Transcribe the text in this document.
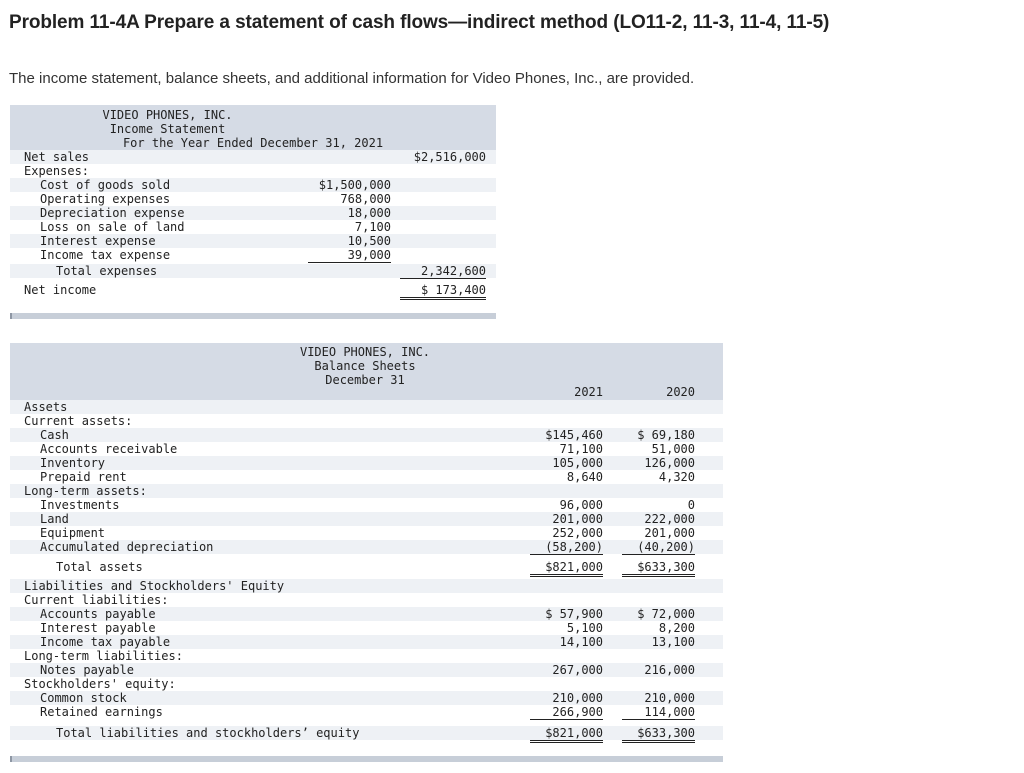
Problem 11-4A Prepare a statement of cash flows—indirect method (LO11-2, 11-3, 11-4, 11-5)

The income statement, balance sheets, and additional information for Video Phones, Inc., are provided.

VIDEO PHONES, INC.
Income Statement
For the Year Ended December 31, 2021
Net sales	$2,516,000
Expenses:
Cost of goods sold	$1,500,000
Operating expenses	768,000
Depreciation expense	18,000
Loss on sale of land	7,100
Interest expense	10,500
Income tax expense	39,000
Total expenses	2,342,600
Net income	$ 173,400
VIDEO PHONES, INC.
Balance Sheets
December 31
2021	2020
Assets
Current assets:
Cash	$145,460	$ 69,180
Accounts receivable	71,100	51,000
Inventory	105,000	126,000
Prepaid rent	8,640	4,320
Long-term assets:
Investments	96,000	0
Land	201,000	222,000
Equipment	252,000	201,000
Accumulated depreciation	(58,200)	(40,200)
Total assets	$821,000	$633,300
Liabilities and Stockholders' Equity
Current liabilities:
Accounts payable	$ 57,900	$ 72,000
Interest payable	5,100	8,200
Income tax payable	14,100	13,100
Long-term liabilities:
Notes payable	267,000	216,000
Stockholders' equity:
Common stock	210,000	210,000
Retained earnings	266,900	114,000
Total liabilities and stockholders’ equity	$821,000	$633,300
